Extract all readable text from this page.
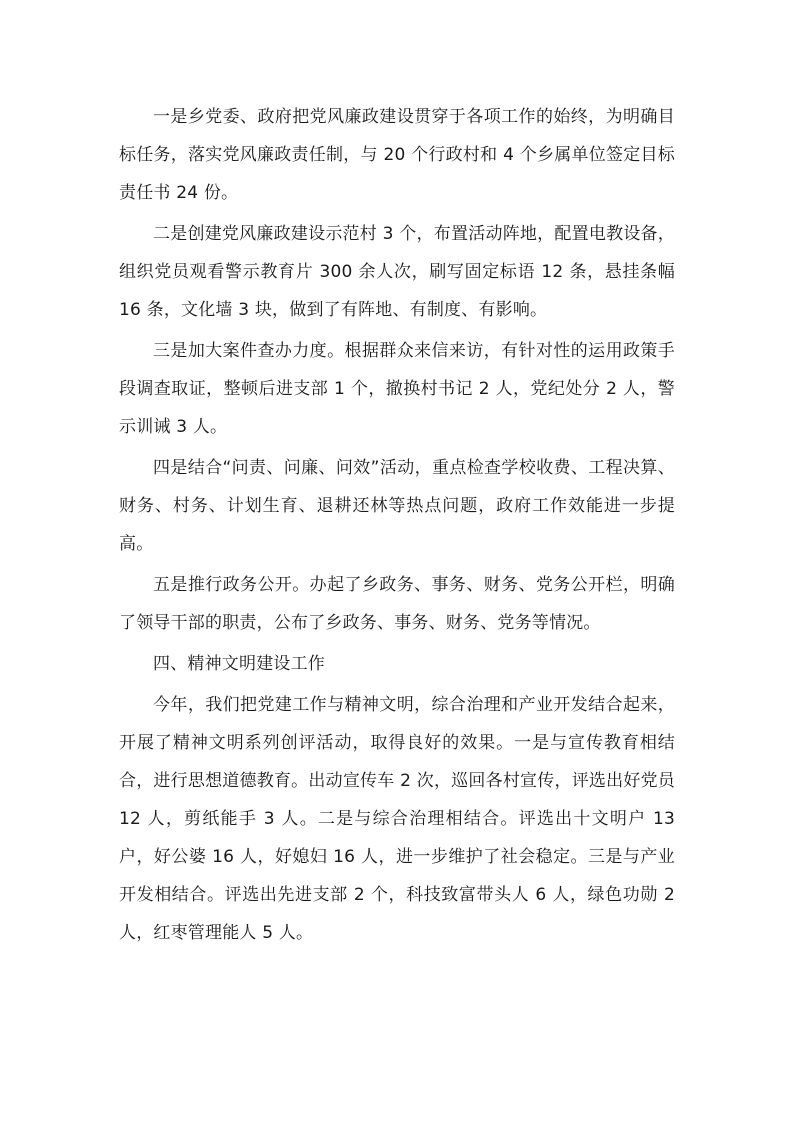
一是乡党委、政府把党风廉政建设贯穿于各项工作的始终，为明确目标任务，落实党风廉政责任制，与 20 个行政村和 4 个乡属单位签定目标责任书 24 份。

二是创建党风廉政建设示范村 3 个，布置活动阵地，配置电教设备，组织党员观看警示教育片 300 余人次，刷写固定标语 12 条，悬挂条幅 16 条，文化墙 3 块，做到了有阵地、有制度、有影响。

三是加大案件查办力度。根据群众来信来访，有针对性的运用政策手段调查取证，整顿后进支部 1 个，撤换村书记 2 人，党纪处分 2 人，警示训诫 3 人。

四是结合“问责、问廉、问效”活动，重点检查学校收费、工程决算、财务、村务、计划生育、退耕还林等热点问题，政府工作效能进一步提高。

五是推行政务公开。办起了乡政务、事务、财务、党务公开栏，明确了领导干部的职责，公布了乡政务、事务、财务、党务等情况。

四、精神文明建设工作

今年，我们把党建工作与精神文明，综合治理和产业开发结合起来，开展了精神文明系列创评活动，取得良好的效果。一是与宣传教育相结合，进行思想道德教育。出动宣传车 2 次，巡回各村宣传，评选出好党员 12 人，剪纸能手 3 人。二是与综合治理相结合。评选出十文明户 13 户，好公婆 16 人，好媳妇 16 人，进一步维护了社会稳定。三是与产业开发相结合。评选出先进支部 2 个，科技致富带头人 6 人，绿色功勋 2 人，红枣管理能人 5 人。
